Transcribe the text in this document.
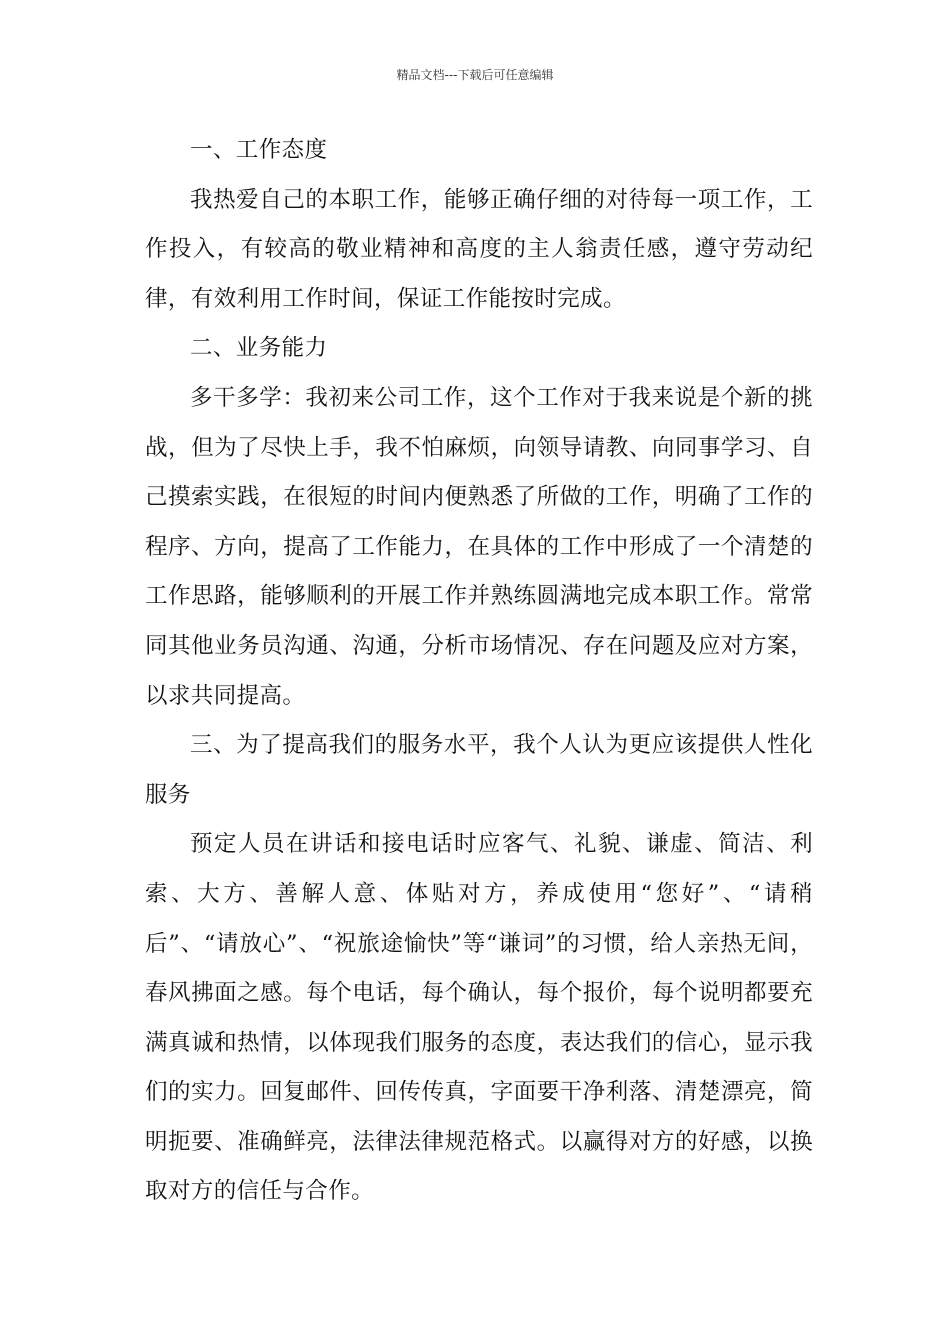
精品文档---下载后可任意编辑

一、工作态度

我热爱自己的本职工作，能够正确仔细的对待每一项工作，工作投入，有较高的敬业精神和高度的主人翁责任感，遵守劳动纪律，有效利用工作时间，保证工作能按时完成。

二、业务能力

多干多学：我初来公司工作，这个工作对于我来说是个新的挑战，但为了尽快上手，我不怕麻烦，向领导请教、向同事学习、自己摸索实践，在很短的时间内便熟悉了所做的工作，明确了工作的程序、方向，提高了工作能力，在具体的工作中形成了一个清楚的工作思路，能够顺利的开展工作并熟练圆满地完成本职工作。常常同其他业务员沟通、沟通，分析市场情况、存在问题及应对方案，以求共同提高。

三、为了提高我们的服务水平，我个人认为更应该提供人性化服务

预定人员在讲话和接电话时应客气、礼貌、谦虚、简洁、利索、大方、善解人意、体贴对方，养成使用“您好”、“请稍后”、“请放心”、“祝旅途愉快”等“谦词”的习惯，给人亲热无间，春风拂面之感。每个电话，每个确认，每个报价，每个说明都要充满真诚和热情，以体现我们服务的态度，表达我们的信心，显示我们的实力。回复邮件、回传传真，字面要干净利落、清楚漂亮，简明扼要、准确鲜亮，法律法律规范格式。以赢得对方的好感，以换取对方的信任与合作。
